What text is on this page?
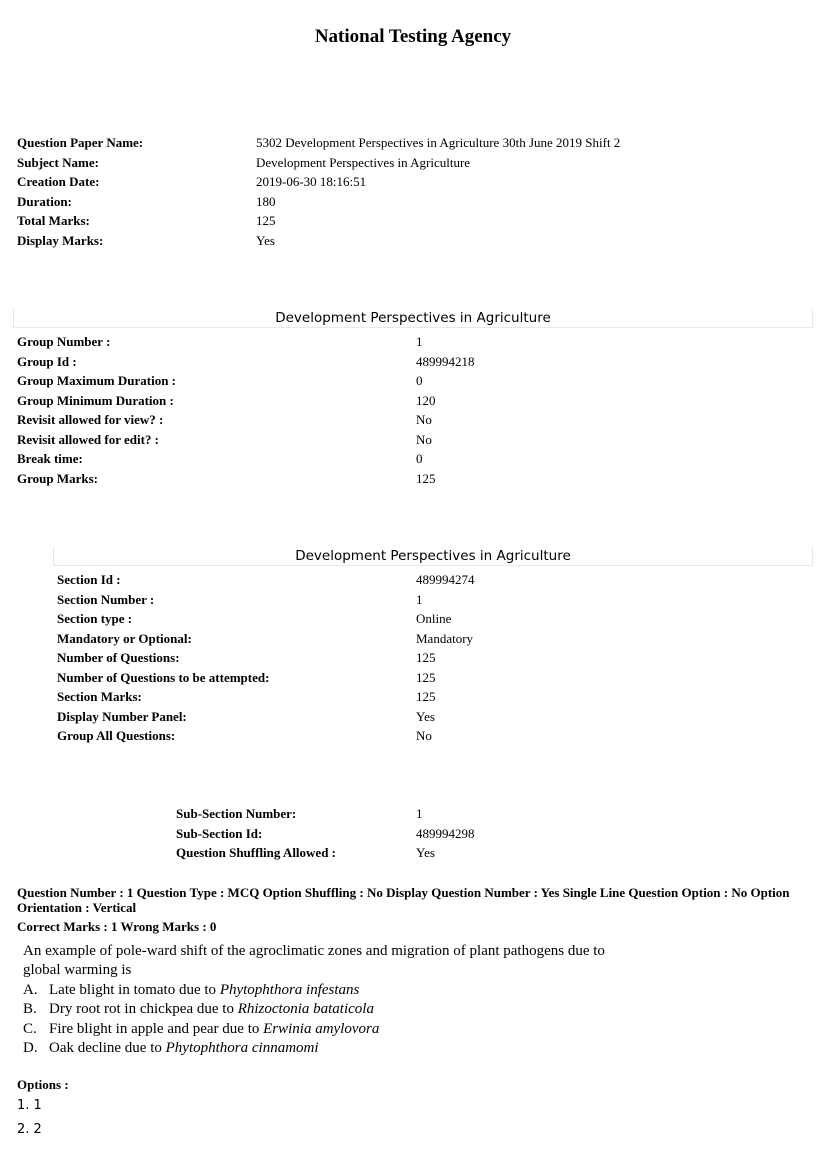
National Testing Agency
Question Paper Name:	5302 Development Perspectives in Agriculture 30th June 2019 Shift 2
Subject Name:	Development Perspectives in Agriculture
Creation Date:	2019-06-30 18:16:51
Duration:	180
Total Marks:	125
Display Marks:	Yes
Development Perspectives in Agriculture
Group Number :	1
Group Id :	489994218
Group Maximum Duration :	0
Group Minimum Duration :	120
Revisit allowed for view? :	No
Revisit allowed for edit? :	No
Break time:	0
Group Marks:	125
Development Perspectives in Agriculture
Section Id :	489994274
Section Number :	1
Section type :	Online
Mandatory or Optional:	Mandatory
Number of Questions:	125
Number of Questions to be attempted:	125
Section Marks:	125
Display Number Panel:	Yes
Group All Questions:	No
Sub-Section Number:	1
Sub-Section Id:	489994298
Question Shuffling Allowed :	Yes
Question Number : 1 Question Type : MCQ Option Shuffling : No Display Question Number : Yes Single Line Question Option : No Option Orientation : Vertical
Correct Marks : 1 Wrong Marks : 0
An example of pole-ward shift of the agroclimatic zones and migration of plant pathogens due to
global warming is
A. Late blight in tomato due to Phytophthora infestans
B. Dry root rot in chickpea due to Rhizoctonia bataticola
C. Fire blight in apple and pear due to Erwinia amylovora
D. Oak decline due to Phytophthora cinnamomi
Options :
1. 1
2. 2
